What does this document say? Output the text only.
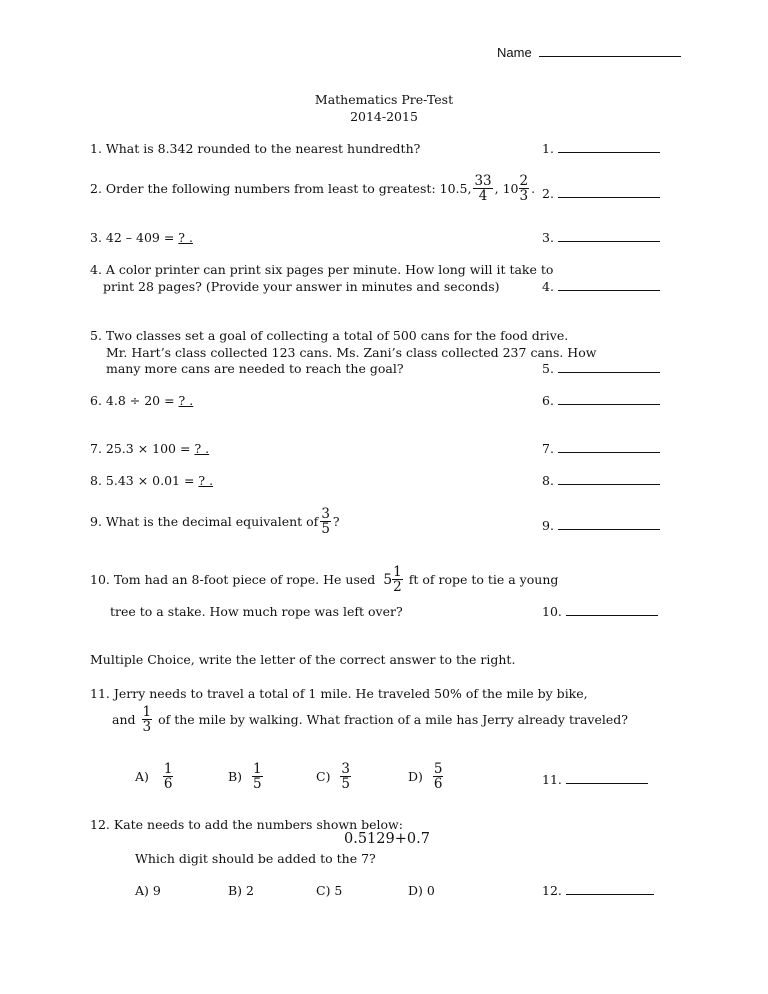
Name
Mathematics Pre-Test
2014-2015
1. What is 8.342 rounded to the nearest hundredth?	1.
2. Order the following numbers from least to greatest: 10.5, $\frac{33}{4}$ ,
$10 \frac{2}{3}$ . 2.
3. 42 – 409 = ? .	3.
4. A color printer can print six pages per minute. How long will it take to
print 28 pages? (Provide your answer in minutes and seconds)	4.
5. Two classes set a goal of collecting a total of 500 cans for the food drive.
Mr. Hart’s class collected 123 cans. Ms. Zani’s class collected 237 cans. How
many more cans are needed to reach the goal?	5.
6. 4.8 ÷ 20 = ? .	6.
7. 25.3 × 100 = ? .	7.
8. 5.43 × 0.01 = ? .	8.
9. What is the decimal equivalent of $\frac{3}{5}$ ?	9.
10. Tom had an 8-foot piece of rope. He used
$5 \frac{1}{2}$
ft of rope to tie a young
tree to a stake. How much rope was left over?	10.
Multiple Choice, write the letter of the correct answer to the right.
11. Jerry needs to travel a total of 1 mile. He traveled 50% of the mile by bike,
and
$\frac{1}{3}$
of the mile by walking. What fraction of a mile has Jerry already traveled?
A)
$\frac{1}{6}$	B)
$\frac{1}{5}$	C)
$\frac{3}{5}$	D)
$\frac{5}{6}$	11.
12. Kate needs to add the numbers shown below:
0.5129+0.7
Which digit should be added to the 7?
A) 9	B) 2	C) 5	D) 0	12.
